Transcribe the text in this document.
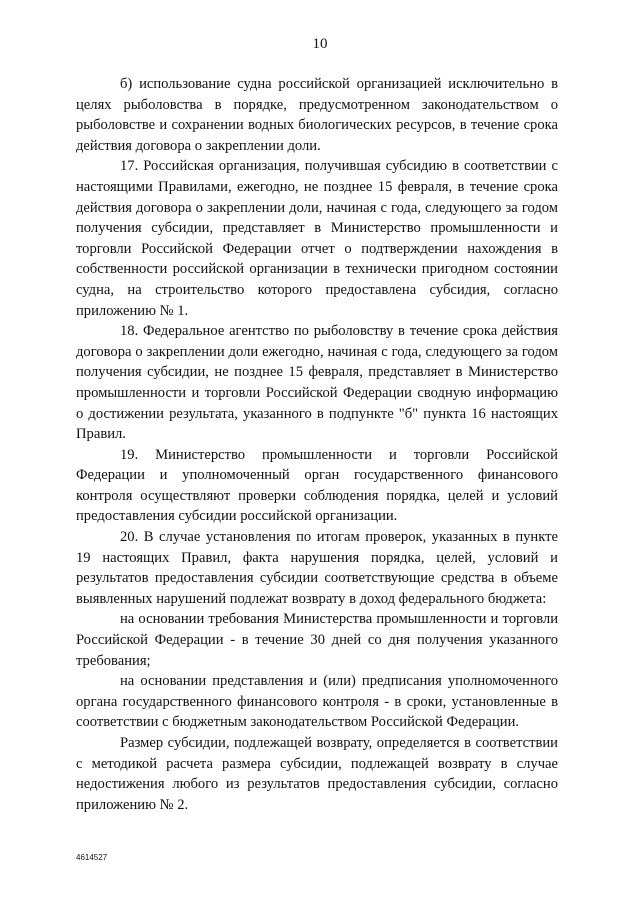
10

б) использование судна российской организацией исключительно в целях рыболовства в порядке, предусмотренном законодательством о рыболовстве и сохранении водных биологических ресурсов, в течение срока действия договора о закреплении доли.

17. Российская организация, получившая субсидию в соответствии с настоящими Правилами, ежегодно, не позднее 15 февраля, в течение срока действия договора о закреплении доли, начиная с года, следующего за годом получения субсидии, представляет в Министерство промышленности и торговли Российской Федерации отчет о подтверждении нахождения в собственности российской организации в технически пригодном состоянии судна, на строительство которого предоставлена субсидия, согласно приложению № 1.

18. Федеральное агентство по рыболовству в течение срока действия договора о закреплении доли ежегодно, начиная с года, следующего за годом получения субсидии, не позднее 15 февраля, представляет в Министерство промышленности и торговли Российской Федерации сводную информацию о достижении результата, указанного в подпункте "б" пункта 16 настоящих Правил.

19. Министерство промышленности и торговли Российской Федерации и уполномоченный орган государственного финансового контроля осуществляют проверки соблюдения порядка, целей и условий предоставления субсидии российской организации.

20. В случае установления по итогам проверок, указанных в пункте 19 настоящих Правил, факта нарушения порядка, целей, условий и результатов предоставления субсидии соответствующие средства в объеме выявленных нарушений подлежат возврату в доход федерального бюджета:

на основании требования Министерства промышленности и торговли Российской Федерации - в течение 30 дней со дня получения указанного требования;

на основании представления и (или) предписания уполномоченного органа государственного финансового контроля - в сроки, установленные в соответствии с бюджетным законодательством Российской Федерации.

Размер субсидии, подлежащей возврату, определяется в соответствии с методикой расчета размера субсидии, подлежащей возврату в случае недостижения любого из результатов предоставления субсидии, согласно приложению № 2.

4614527
